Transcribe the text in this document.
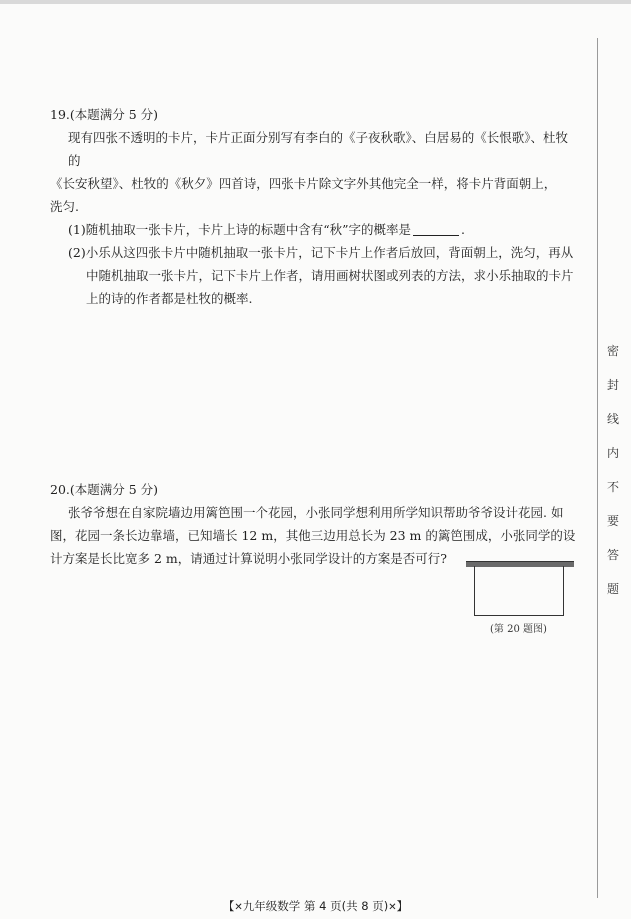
19.(本题满分 5 分)
现有四张不透明的卡片，卡片正面分别写有李白的《子夜秋歌》、白居易的《长恨歌》、杜牧的
《长安秋望》、杜牧的《秋夕》四首诗，四张卡片除文字外其他完全一样，将卡片背面朝上，
洗匀.
(1)随机抽取一张卡片，卡片上诗的标题中含有“秋”字的概率是	.
(2)小乐从这四张卡片中随机抽取一张卡片，记下卡片上作者后放回，背面朝上，洗匀，再从
中随机抽取一张卡片，记下卡片上作者，请用画树状图或列表的方法，求小乐抽取的卡片
上的诗的作者都是杜牧的概率.
20.(本题满分 5 分)
张爷爷想在自家院墙边用篱笆围一个花园，小张同学想利用所学知识帮助爷爷设计花园. 如
图，花园一条长边靠墙，已知墙长 12 m，其他三边用总长为 23 m 的篱笆围成，小张同学的设
计方案是长比宽多 2 m，请通过计算说明小张同学设计的方案是否可行?
(第 20 题图)
密
封
线
内
不
要
答
题
【✕九年级数学 第 4 页(共 8 页)✕】
